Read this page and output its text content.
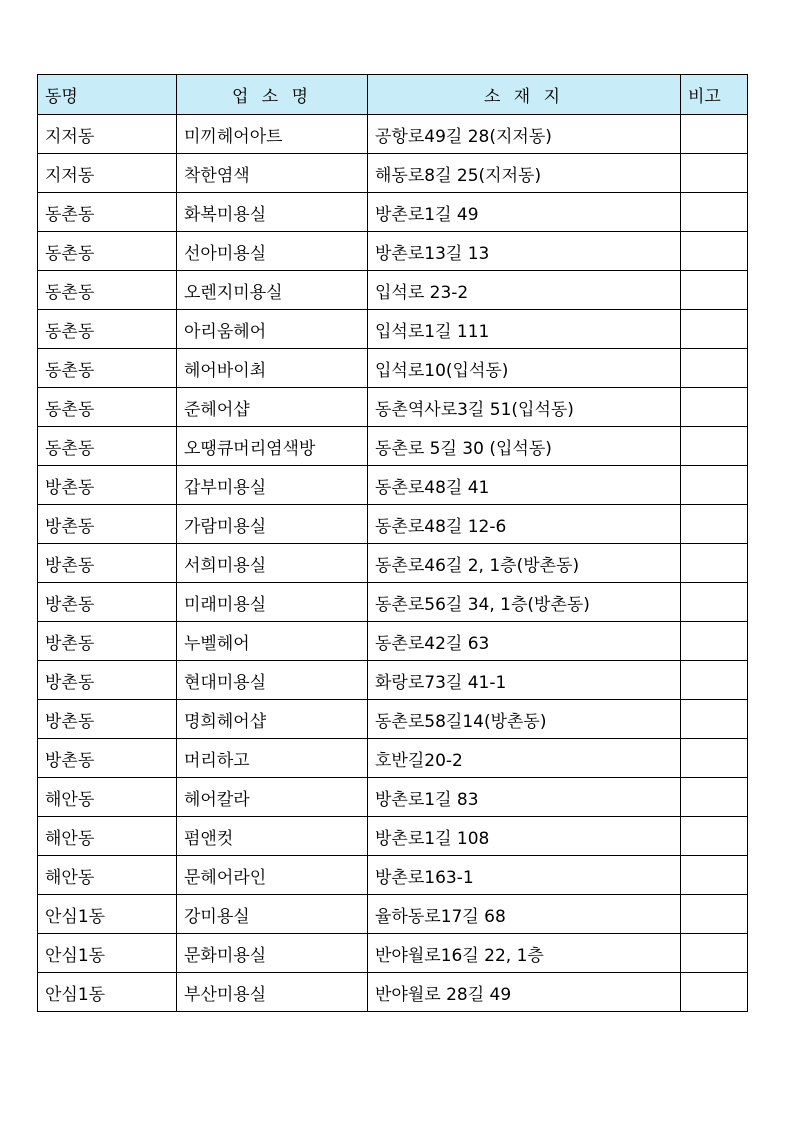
동명	업 소 명	소 재 지	비고
지저동	미끼헤어아트	공항로49길 28(지저동)	
지저동	착한염색	해동로8길 25(지저동)	
동촌동	화복미용실	방촌로1길 49	
동촌동	선아미용실	방촌로13길 13	
동촌동	오렌지미용실	입석로 23-2	
동촌동	아리움헤어	입석로1길 111	
동촌동	헤어바이최	입석로10(입석동)	
동촌동	준헤어샵	동촌역사로3길 51(입석동)	
동촌동	오땡큐머리염색방	동촌로 5길 30 (입석동)	
방촌동	갑부미용실	동촌로48길 41	
방촌동	가람미용실	동촌로48길 12-6	
방촌동	서희미용실	동촌로46길 2, 1층(방촌동)	
방촌동	미래미용실	동촌로56길 34, 1층(방촌동)	
방촌동	누벨헤어	동촌로42길 63	
방촌동	현대미용실	화랑로73길 41-1	
방촌동	명희헤어샵	동촌로58길14(방촌동)	
방촌동	머리하고	호반길20-2	
해안동	헤어칼라	방촌로1길 83	
해안동	펌앤컷	방촌로1길 108	
해안동	문헤어라인	방촌로163-1	
안심1동	강미용실	율하동로17길 68	
안심1동	문화미용실	반야월로16길 22, 1층	
안심1동	부산미용실	반야월로 28길 49	
